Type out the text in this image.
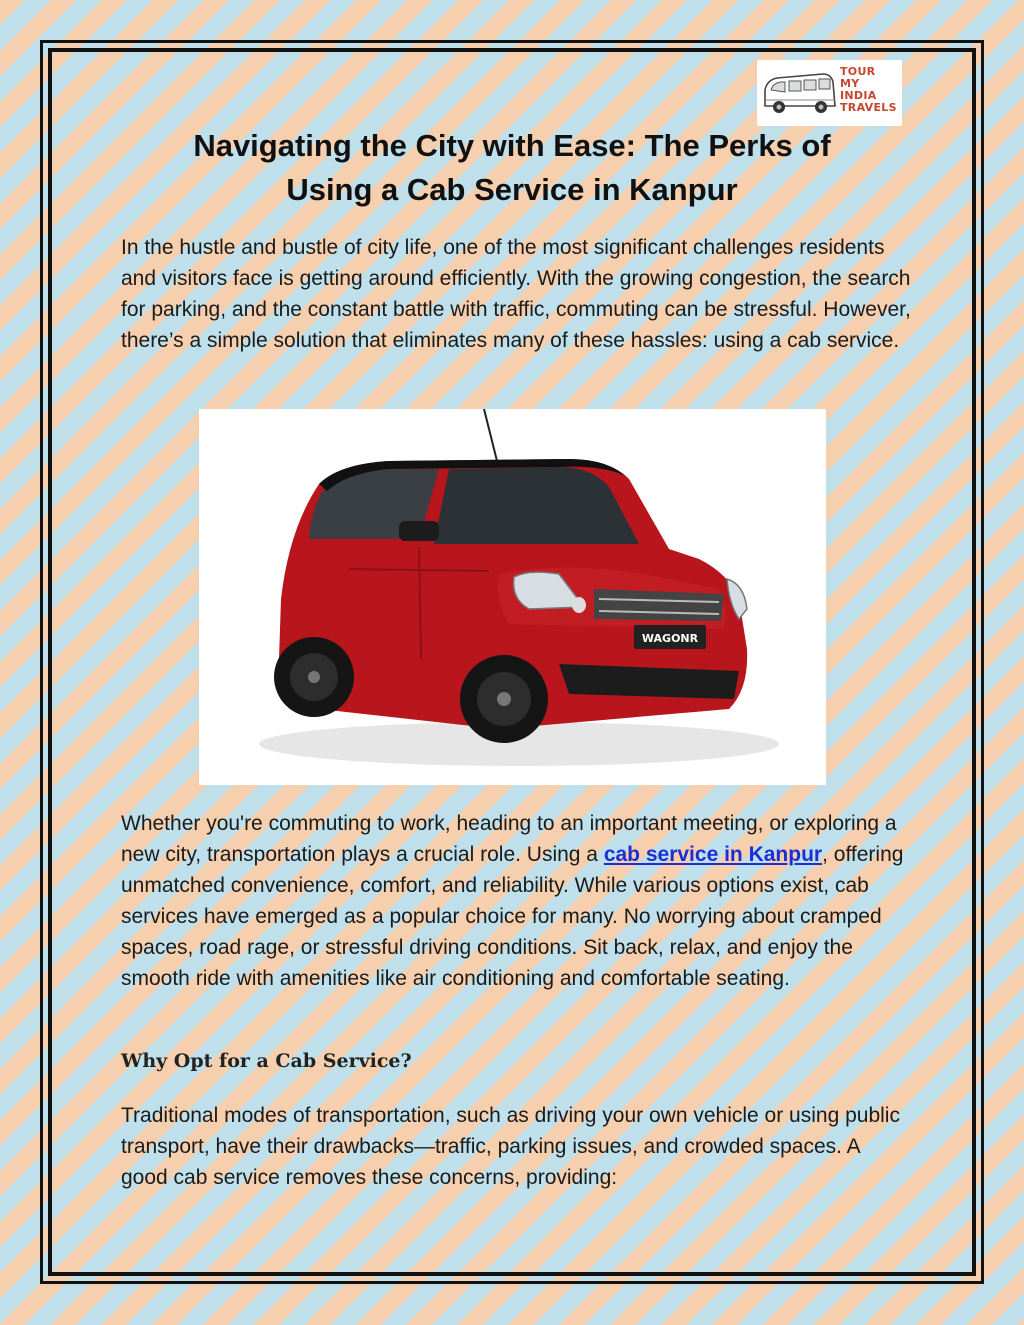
TOUR
MY
INDIA
TRAVELS
Navigating the City with Ease: The Perks of
Using a Cab Service in Kanpur

In the hustle and bustle of city life, one of the most significant challenges residents and visitors face is getting around efficiently. With the growing congestion, the search for parking, and the constant battle with traffic, commuting can be stressful. However, there’s a simple solution that eliminates many of these hassles: using a cab service.

WAGONR

Whether you're commuting to work, heading to an important meeting, or exploring a new city, transportation plays a crucial role. Using a cab service in Kanpur, offering unmatched convenience, comfort, and reliability. While various options exist, cab services have emerged as a popular choice for many. No worrying about cramped spaces, road rage, or stressful driving conditions. Sit back, relax, and enjoy the smooth ride with amenities like air conditioning and comfortable seating.

Why Opt for a Cab Service?

Traditional modes of transportation, such as driving your own vehicle or using public transport, have their drawbacks—traffic, parking issues, and crowded spaces. A good cab service removes these concerns, providing:
